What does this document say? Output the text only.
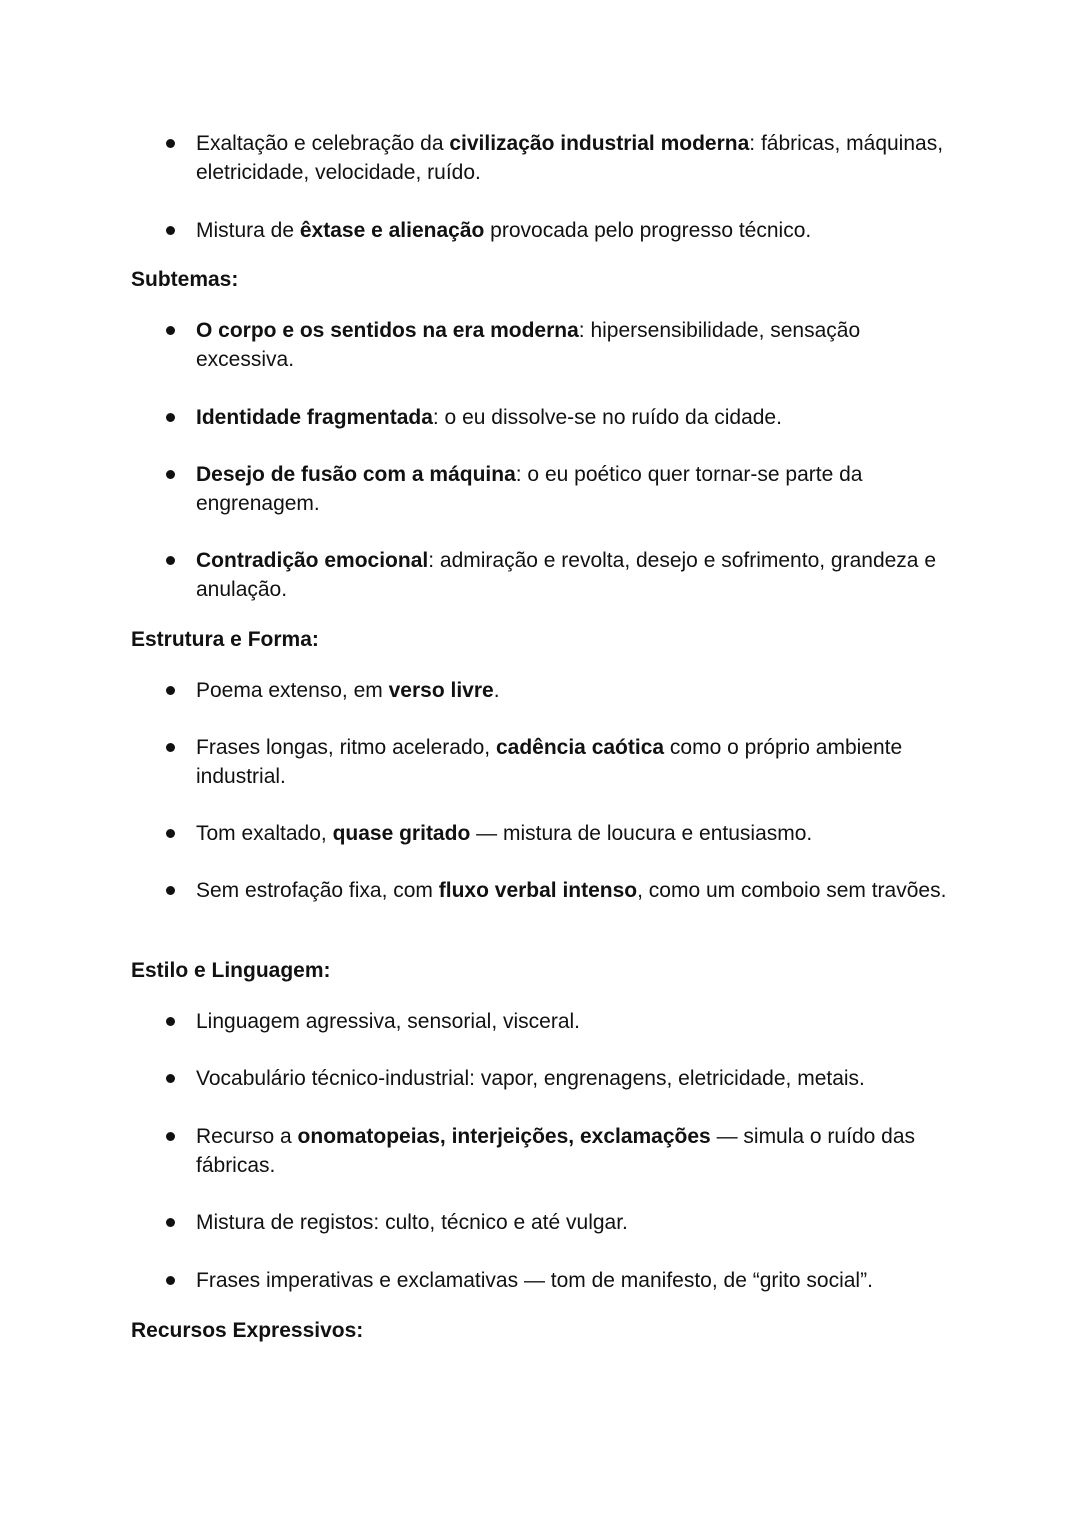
Exaltação e celebração da civilização industrial moderna: fábricas, máquinas, eletricidade, velocidade, ruído.

Mistura de êxtase e alienação provocada pelo progresso técnico.

Subtemas:

O corpo e os sentidos na era moderna: hipersensibilidade, sensação excessiva.

Identidade fragmentada: o eu dissolve-se no ruído da cidade.

Desejo de fusão com a máquina: o eu poético quer tornar-se parte da engrenagem.

Contradição emocional: admiração e revolta, desejo e sofrimento, grandeza e anulação.

Estrutura e Forma:

Poema extenso, em verso livre.

Frases longas, ritmo acelerado, cadência caótica como o próprio ambiente industrial.

Tom exaltado, quase gritado — mistura de loucura e entusiasmo.

Sem estrofação fixa, com fluxo verbal intenso, como um comboio sem travões.

Estilo e Linguagem:

Linguagem agressiva, sensorial, visceral.

Vocabulário técnico-industrial: vapor, engrenagens, eletricidade, metais.

Recurso a onomatopeias, interjeições, exclamações — simula o ruído das fábricas.

Mistura de registos: culto, técnico e até vulgar.

Frases imperativas e exclamativas — tom de manifesto, de “grito social”.

Recursos Expressivos:
